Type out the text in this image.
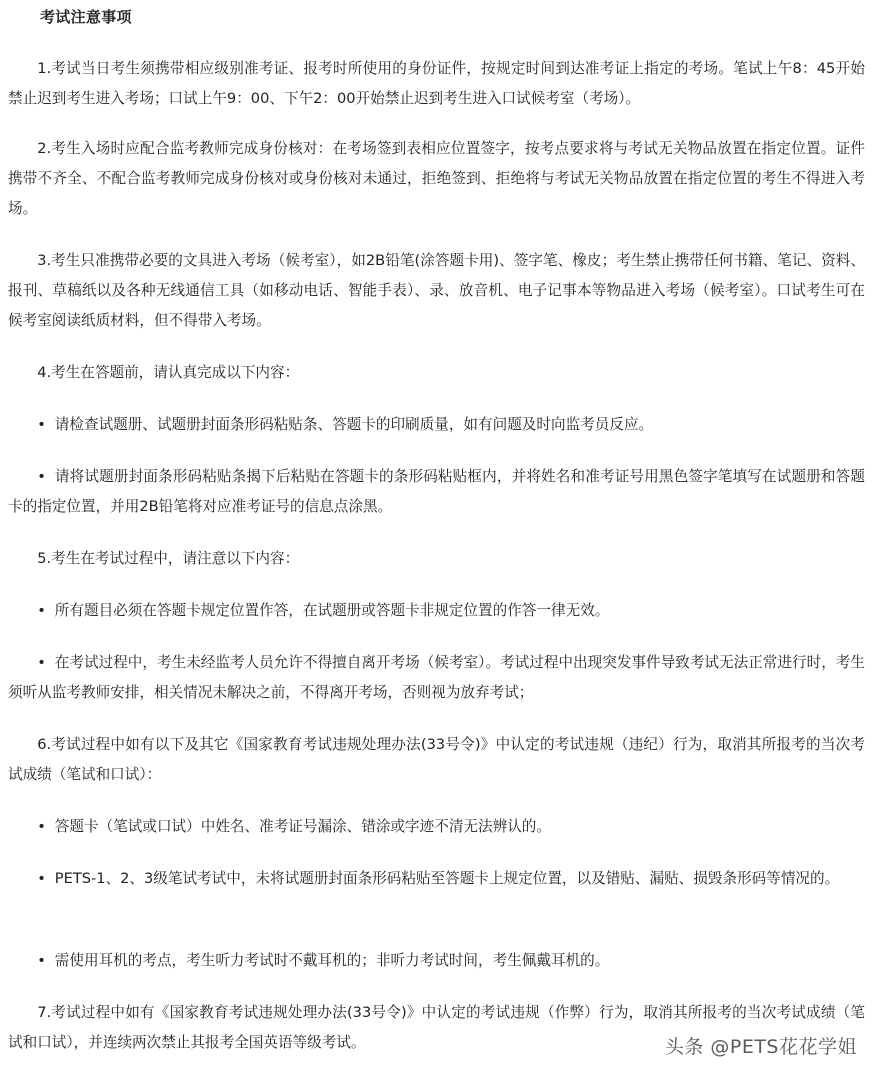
考试注意事项

1.考试当日考生须携带相应级别准考证、报考时所使用的身份证件，按规定时间到达准考证上指定的考场。笔试上午8：45开始禁止迟到考生进入考场；口试上午9：00、下午2：00开始禁止迟到考生进入口试候考室（考场）。

2.考生入场时应配合监考教师完成身份核对：在考场签到表相应位置签字，按考点要求将与考试无关物品放置在指定位置。证件携带不齐全、不配合监考教师完成身份核对或身份核对未通过，拒绝签到、拒绝将与考试无关物品放置在指定位置的考生不得进入考场。

3.考生只准携带必要的文具进入考场（候考室），如2B铅笔(涂答题卡用)、签字笔、橡皮；考生禁止携带任何书籍、笔记、资料、报刊、草稿纸以及各种无线通信工具（如移动电话、智能手表）、录、放音机、电子记事本等物品进入考场（候考室）。口试考生可在候考室阅读纸质材料，但不得带入考场。

4.考生在答题前，请认真完成以下内容：

• 请检查试题册、试题册封面条形码粘贴条、答题卡的印刷质量，如有问题及时向监考员反应。
• 请将试题册封面条形码粘贴条揭下后粘贴在答题卡的条形码粘贴框内，并将姓名和准考证号用黑色签字笔填写在试题册和答题卡的指定位置，并用2B铅笔将对应准考证号的信息点涂黑。

5.考生在考试过程中，请注意以下内容：

• 所有题目必须在答题卡规定位置作答，在试题册或答题卡非规定位置的作答一律无效。
• 在考试过程中，考生未经监考人员允许不得擅自离开考场（候考室）。考试过程中出现突发事件导致考试无法正常进行时，考生须听从监考教师安排，相关情况未解决之前，不得离开考场，否则视为放弃考试；

6.考试过程中如有以下及其它《国家教育考试违规处理办法(33号令)》中认定的考试违规（违纪）行为，取消其所报考的当次考试成绩（笔试和口试）：

• 答题卡（笔试或口试）中姓名、准考证号漏涂、错涂或字迹不清无法辨认的。
• PETS-1、2、3级笔试考试中，未将试题册封面条形码粘贴至答题卡上规定位置，以及错贴、漏贴、损毁条形码等情况的。
• 需使用耳机的考点，考生听力考试时不戴耳机的；非听力考试时间，考生佩戴耳机的。

7.考试过程中如有《国家教育考试违规处理办法(33号令)》中认定的考试违规（作弊）行为，取消其所报考的当次考试成绩（笔试和口试），并连续两次禁止其报考全国英语等级考试。	头条 @PETS花花学姐
